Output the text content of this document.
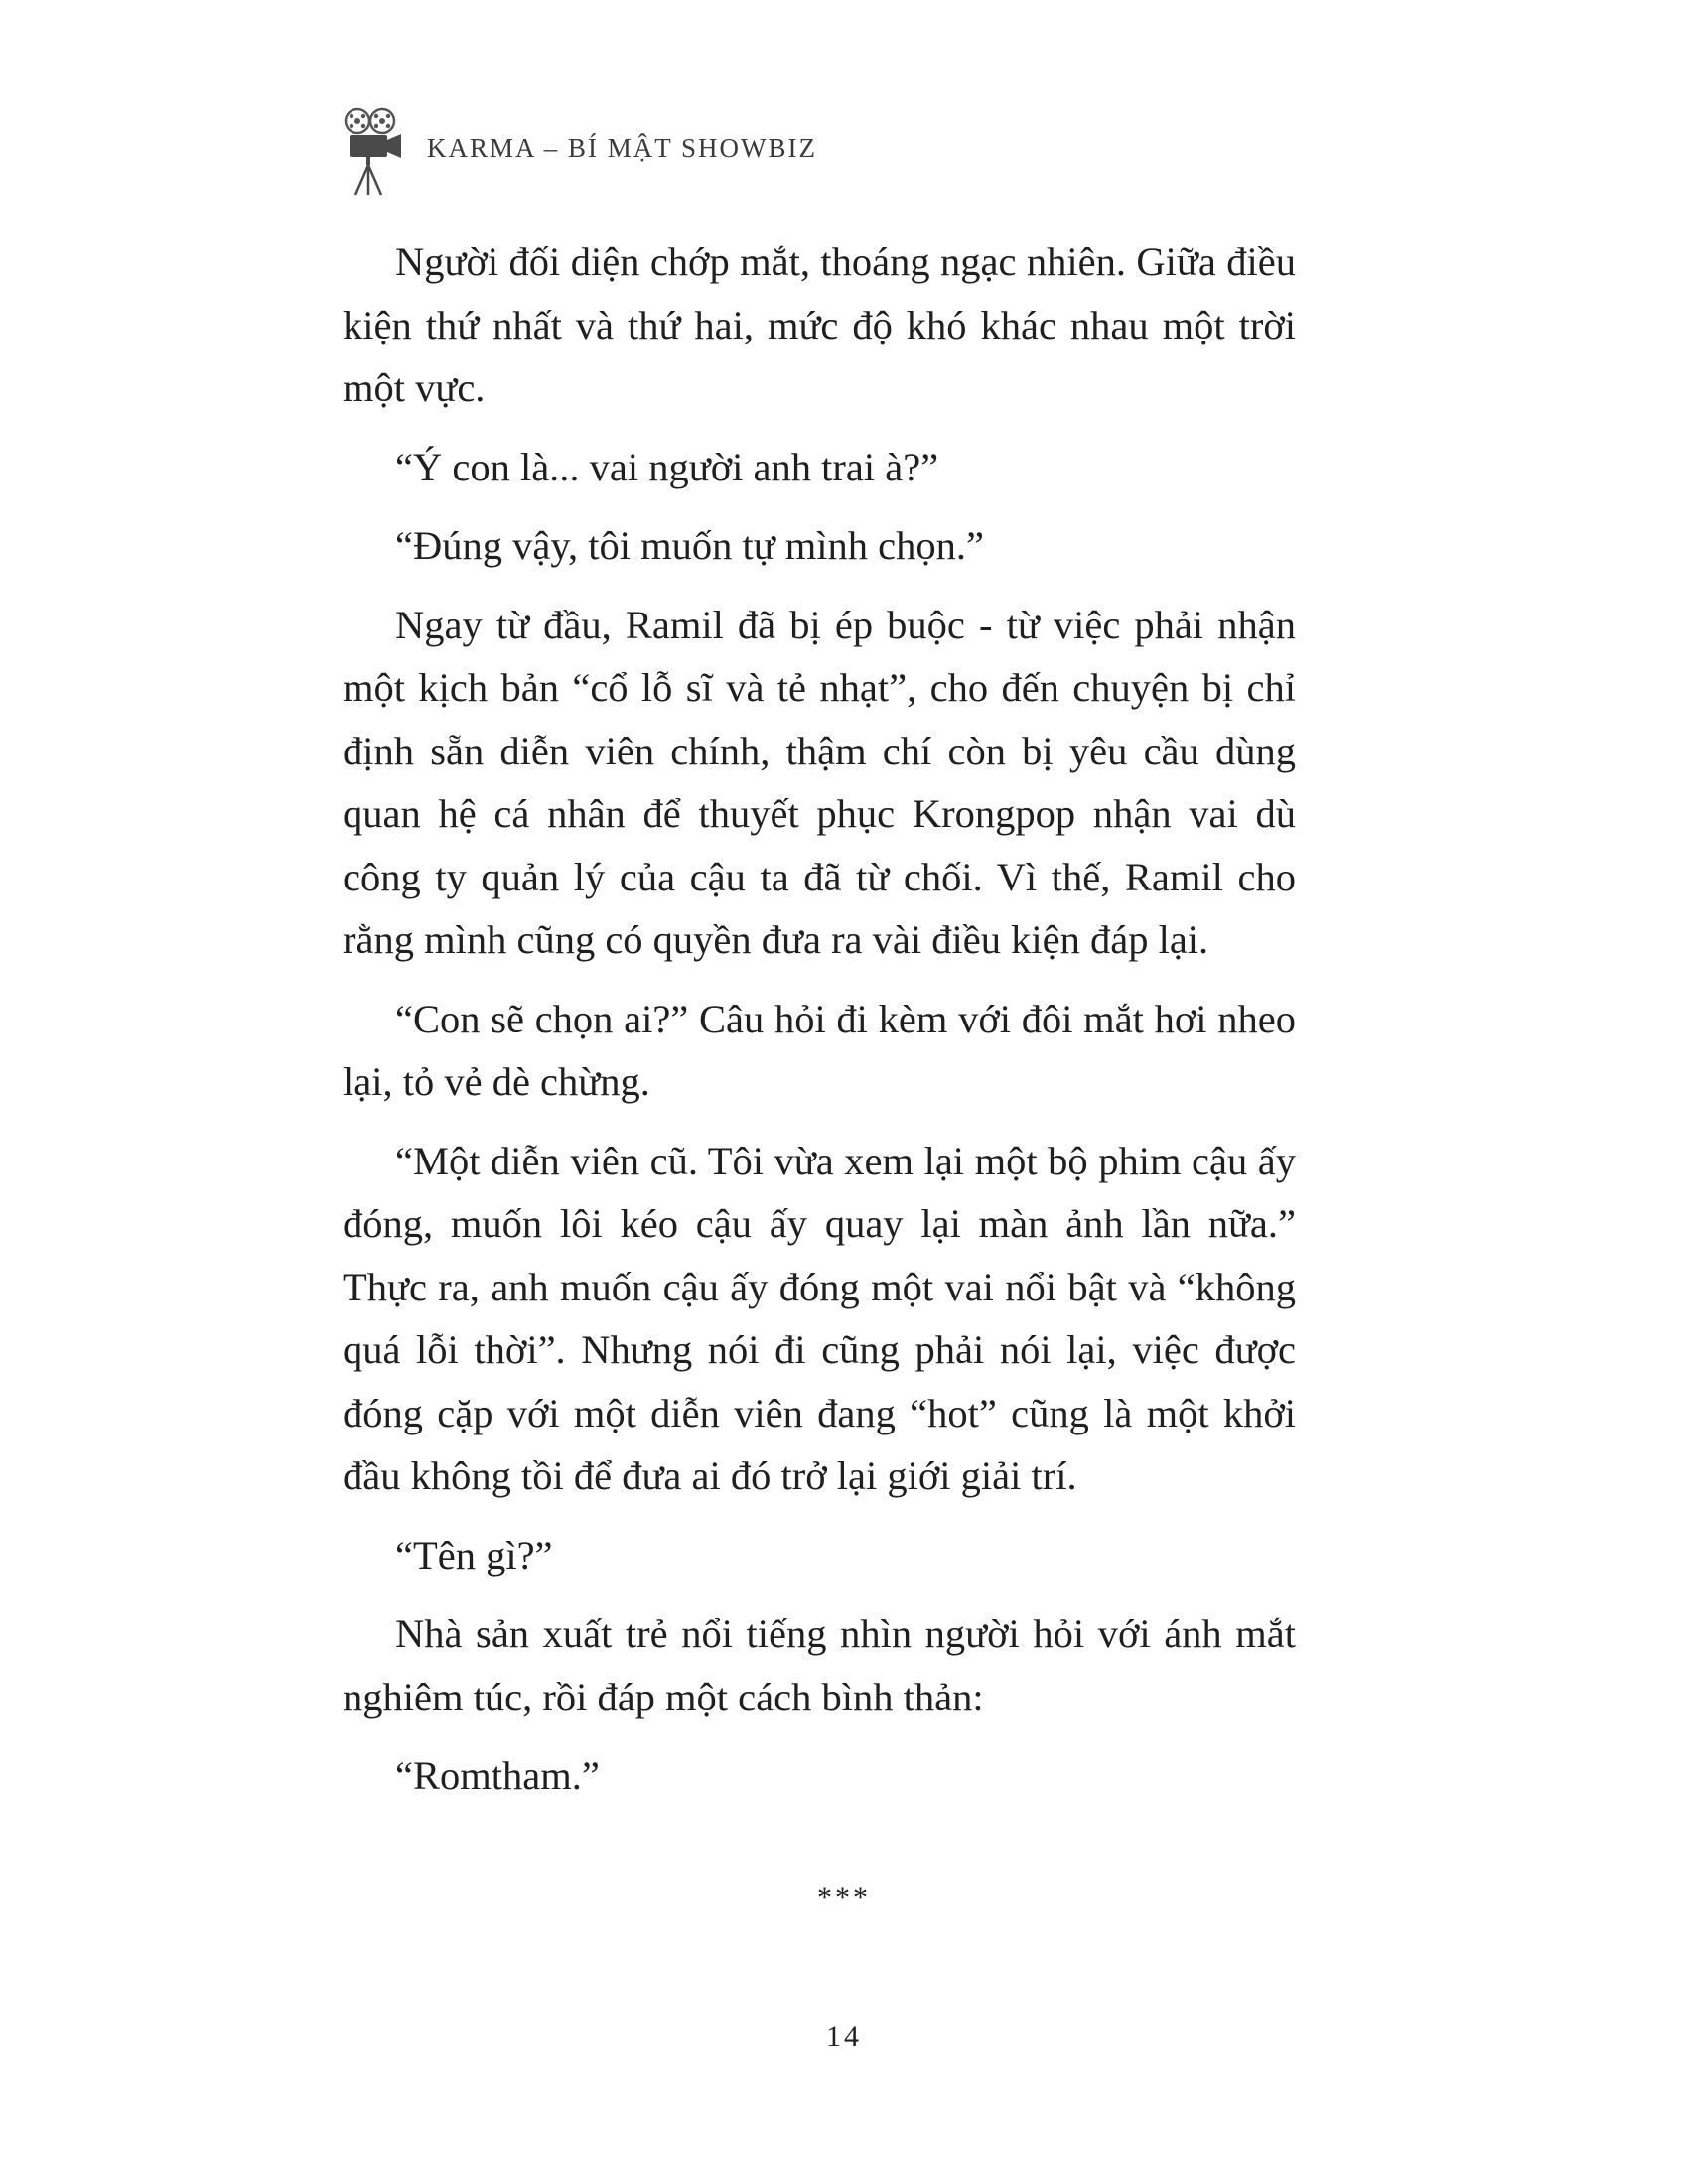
KARMA – BÍ MẬT SHOWBIZ

Người đối diện chớp mắt, thoáng ngạc nhiên. Giữa điều kiện thứ nhất và thứ hai, mức độ khó khác nhau một trời một vực.

“Ý con là... vai người anh trai à?”

“Đúng vậy, tôi muốn tự mình chọn.”

Ngay từ đầu, Ramil đã bị ép buộc - từ việc phải nhận một kịch bản “cổ lỗ sĩ và tẻ nhạt”, cho đến chuyện bị chỉ định sẵn diễn viên chính, thậm chí còn bị yêu cầu dùng quan hệ cá nhân để thuyết phục Krongpop nhận vai dù công ty quản lý của cậu ta đã từ chối. Vì thế, Ramil cho rằng mình cũng có quyền đưa ra vài điều kiện đáp lại.

“Con sẽ chọn ai?” Câu hỏi đi kèm với đôi mắt hơi nheo lại, tỏ vẻ dè chừng.

“Một diễn viên cũ. Tôi vừa xem lại một bộ phim cậu ấy đóng, muốn lôi kéo cậu ấy quay lại màn ảnh lần nữa.” Thực ra, anh muốn cậu ấy đóng một vai nổi bật và “không quá lỗi thời”. Nhưng nói đi cũng phải nói lại, việc được đóng cặp với một diễn viên đang “hot” cũng là một khởi đầu không tồi để đưa ai đó trở lại giới giải trí.

“Tên gì?”

Nhà sản xuất trẻ nổi tiếng nhìn người hỏi với ánh mắt nghiêm túc, rồi đáp một cách bình thản:

“Romtham.”

***
14
